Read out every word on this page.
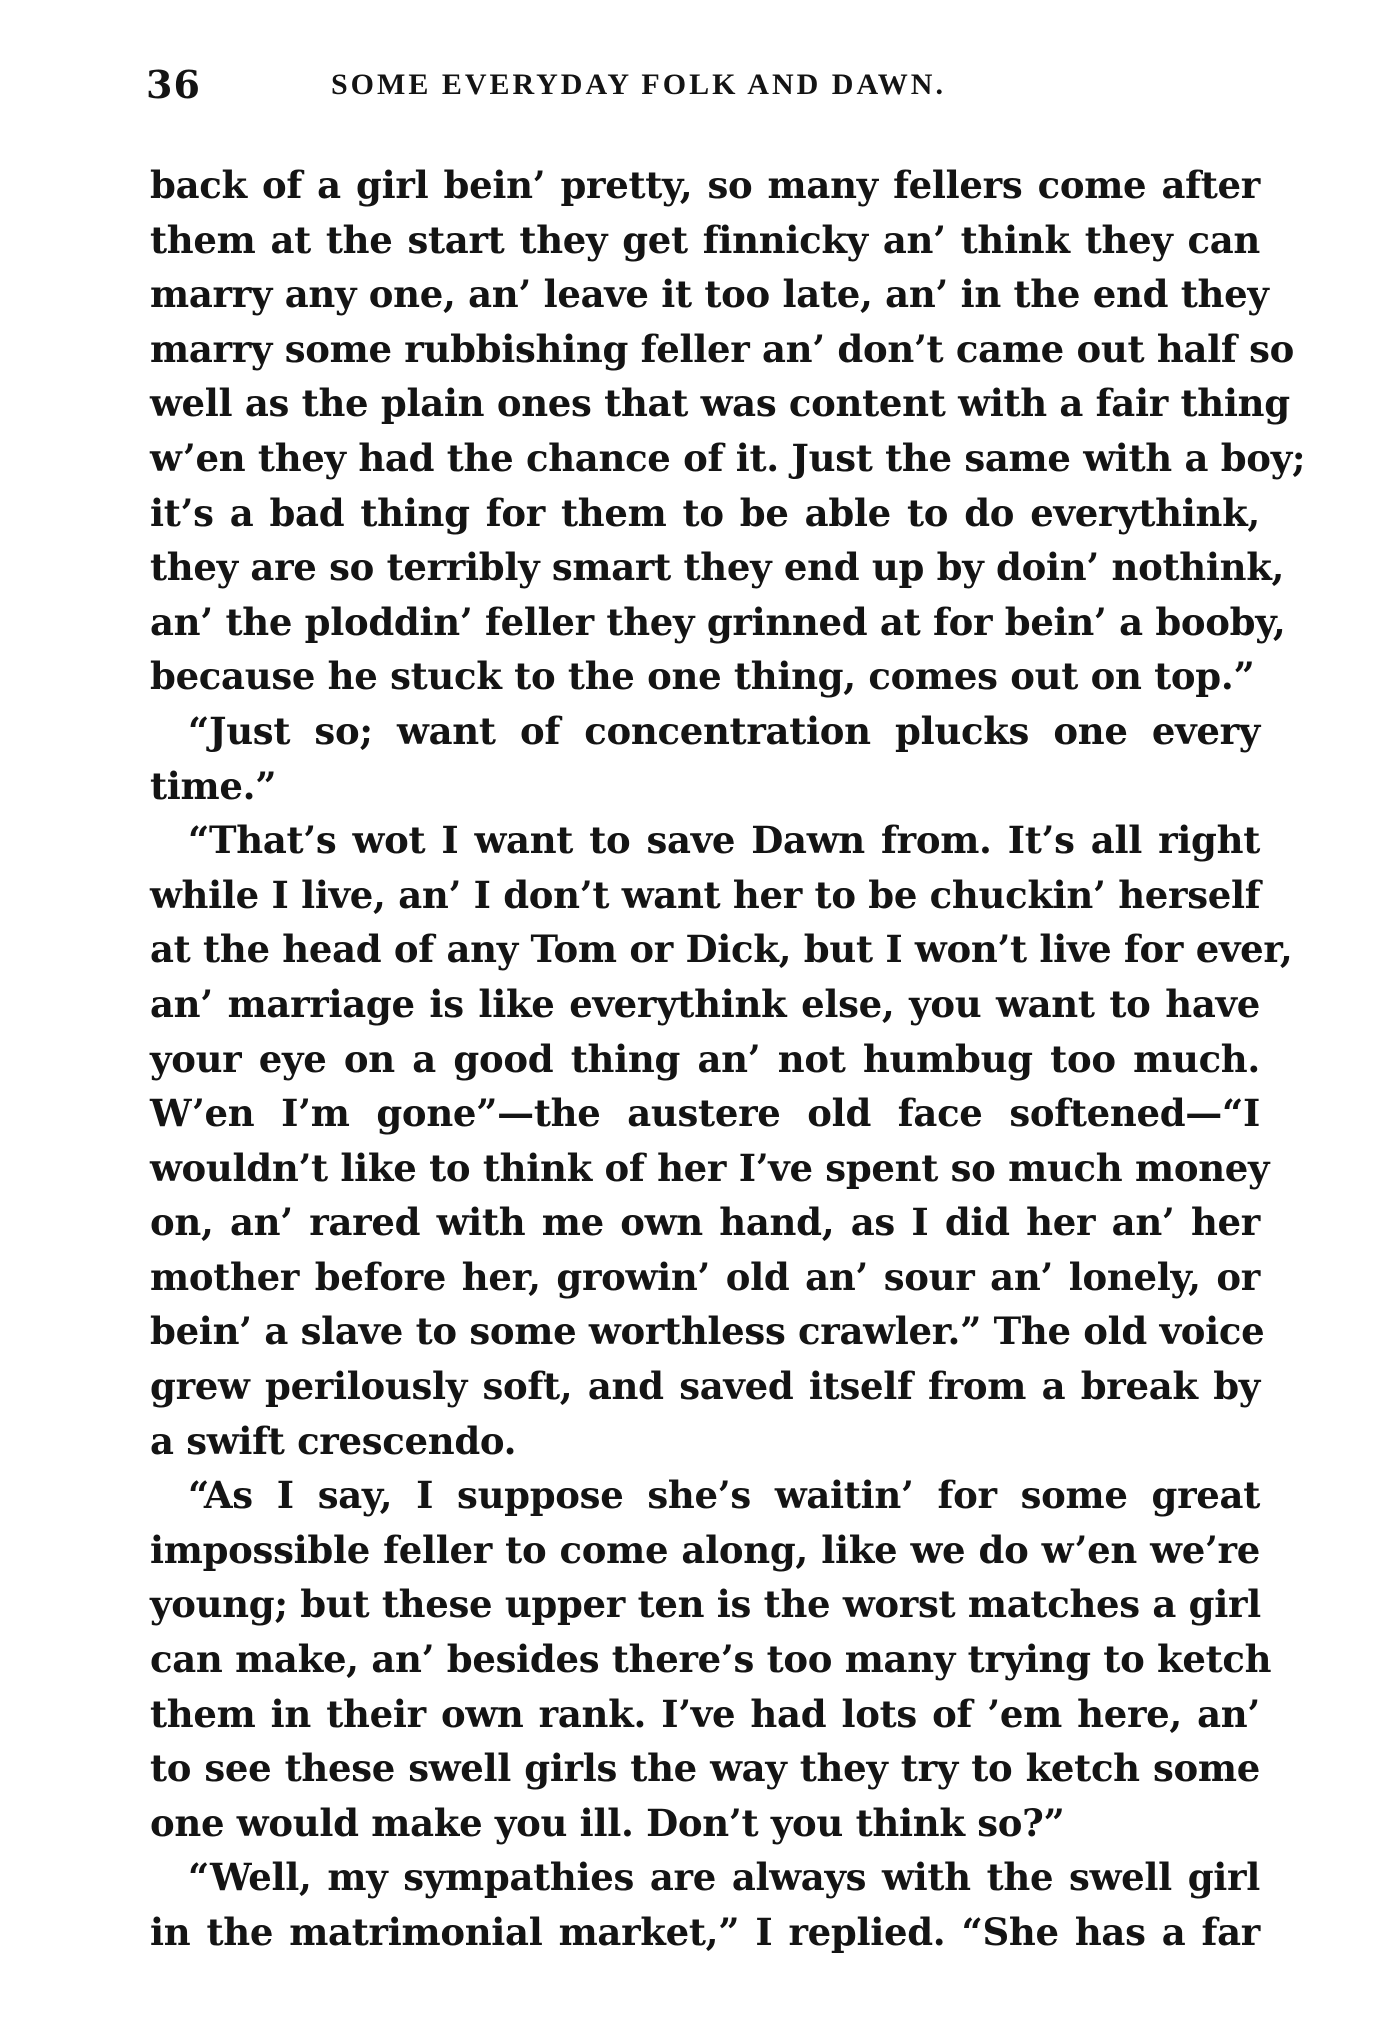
36	SOME EVERYDAY FOLK AND DAWN.
back of a girl bein’ pretty, so many fellers come after
them at the start they get finnicky an’ think they can
marry any one, an’ leave it too late, an’ in the end they
marry some rubbishing feller an’ don’t came out half so
well as the plain ones that was content with a fair thing
w’en they had the chance of it. Just the same with a boy;
it’s a bad thing for them to be able to do everythink,
they are so terribly smart they end up by doin’ nothink,
an’ the ploddin’ feller they grinned at for bein’ a booby,
because he stuck to the one thing, comes out on top.”
“Just so; want of concentration plucks one every
time.”
“That’s wot I want to save Dawn from. It’s all right
while I live, an’ I don’t want her to be chuckin’ herself
at the head of any Tom or Dick, but I won’t live for ever,
an’ marriage is like everythink else, you want to have
your eye on a good thing an’ not humbug too much.
W’en I’m gone”—the austere old face softened—“I
wouldn’t like to think of her I’ve spent so much money
on, an’ rared with me own hand, as I did her an’ her
mother before her, growin’ old an’ sour an’ lonely, or
bein’ a slave to some worthless crawler.” The old voice
grew perilously soft, and saved itself from a break by
a swift crescendo.
“As I say, I suppose she’s waitin’ for some great
impossible feller to come along, like we do w’en we’re
young; but these upper ten is the worst matches a girl
can make, an’ besides there’s too many trying to ketch
them in their own rank. I’ve had lots of ’em here, an’
to see these swell girls the way they try to ketch some
one would make you ill. Don’t you think so?”
“Well, my sympathies are always with the swell girl
in the matrimonial market,” I replied. “She has a far
